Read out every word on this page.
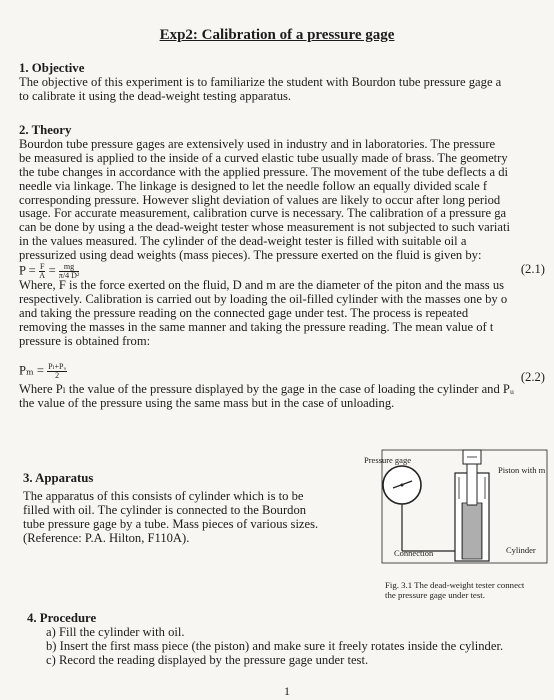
Exp2: Calibration of a pressure gage
1. Objective
The objective of this experiment is to familiarize the student with Bourdon tube pressure gage a
to calibrate it using the dead-weight testing apparatus.
2. Theory
Bourdon tube pressure gages are extensively used in industry and in laboratories. The pressure
be measured is applied to the inside of a curved elastic tube usually made of brass. The geometry
the tube changes in accordance with the applied pressure. The movement of the tube deflects a di
needle via linkage. The linkage is designed to let the needle follow an equally divided scale f
corresponding pressure. However slight deviation of values are likely to occur after long period
usage. For accurate measurement, calibration curve is necessary. The calibration of a pressure ga
can be done by using a the dead-weight tester whose measurement is not subjected to such variati
in the values measured. The cylinder of the dead-weight tester is filled with suitable oil a
pressurized using dead weights (mass pieces). The pressure exerted on the fluid is given by:
$P = \frac{F}{A} = \frac{mg}{\text{π/4 D²}}$	(2.1)
Where, F is the force exerted on the fluid, D and m are the diameter of the piton and the mass us
respectively. Calibration is carried out by loading the oil-filled cylinder with the masses one by o
and taking the pressure reading on the connected gage under test. The process is repeated
removing the masses in the same manner and taking the pressure reading. The mean value of t
pressure is obtained from:
$P_m = \frac{\text{Pₗ+Pᵤ}}{2}$	(2.2)
Where Pₗ the value of the pressure displayed by the gage in the case of loading the cylinder and Pᵤ
the value of the pressure using the same mass but in the case of unloading.
3. Apparatus
The apparatus of this consists of cylinder which is to be
filled with oil. The cylinder is connected to the Bourdon
tube pressure gage by a tube. Mass pieces of various sizes.
(Reference: P.A. Hilton, F110A).
Pressure gage
Piston with m
Connection	Cylinder
Fig. 3.1 The dead-weight tester connect
the pressure gage under test.
4. Procedure
a) Fill the cylinder with oil.
b) Insert the first mass piece (the piston) and make sure it freely rotates inside the cylinder.
c) Record the reading displayed by the pressure gage under test.
1
